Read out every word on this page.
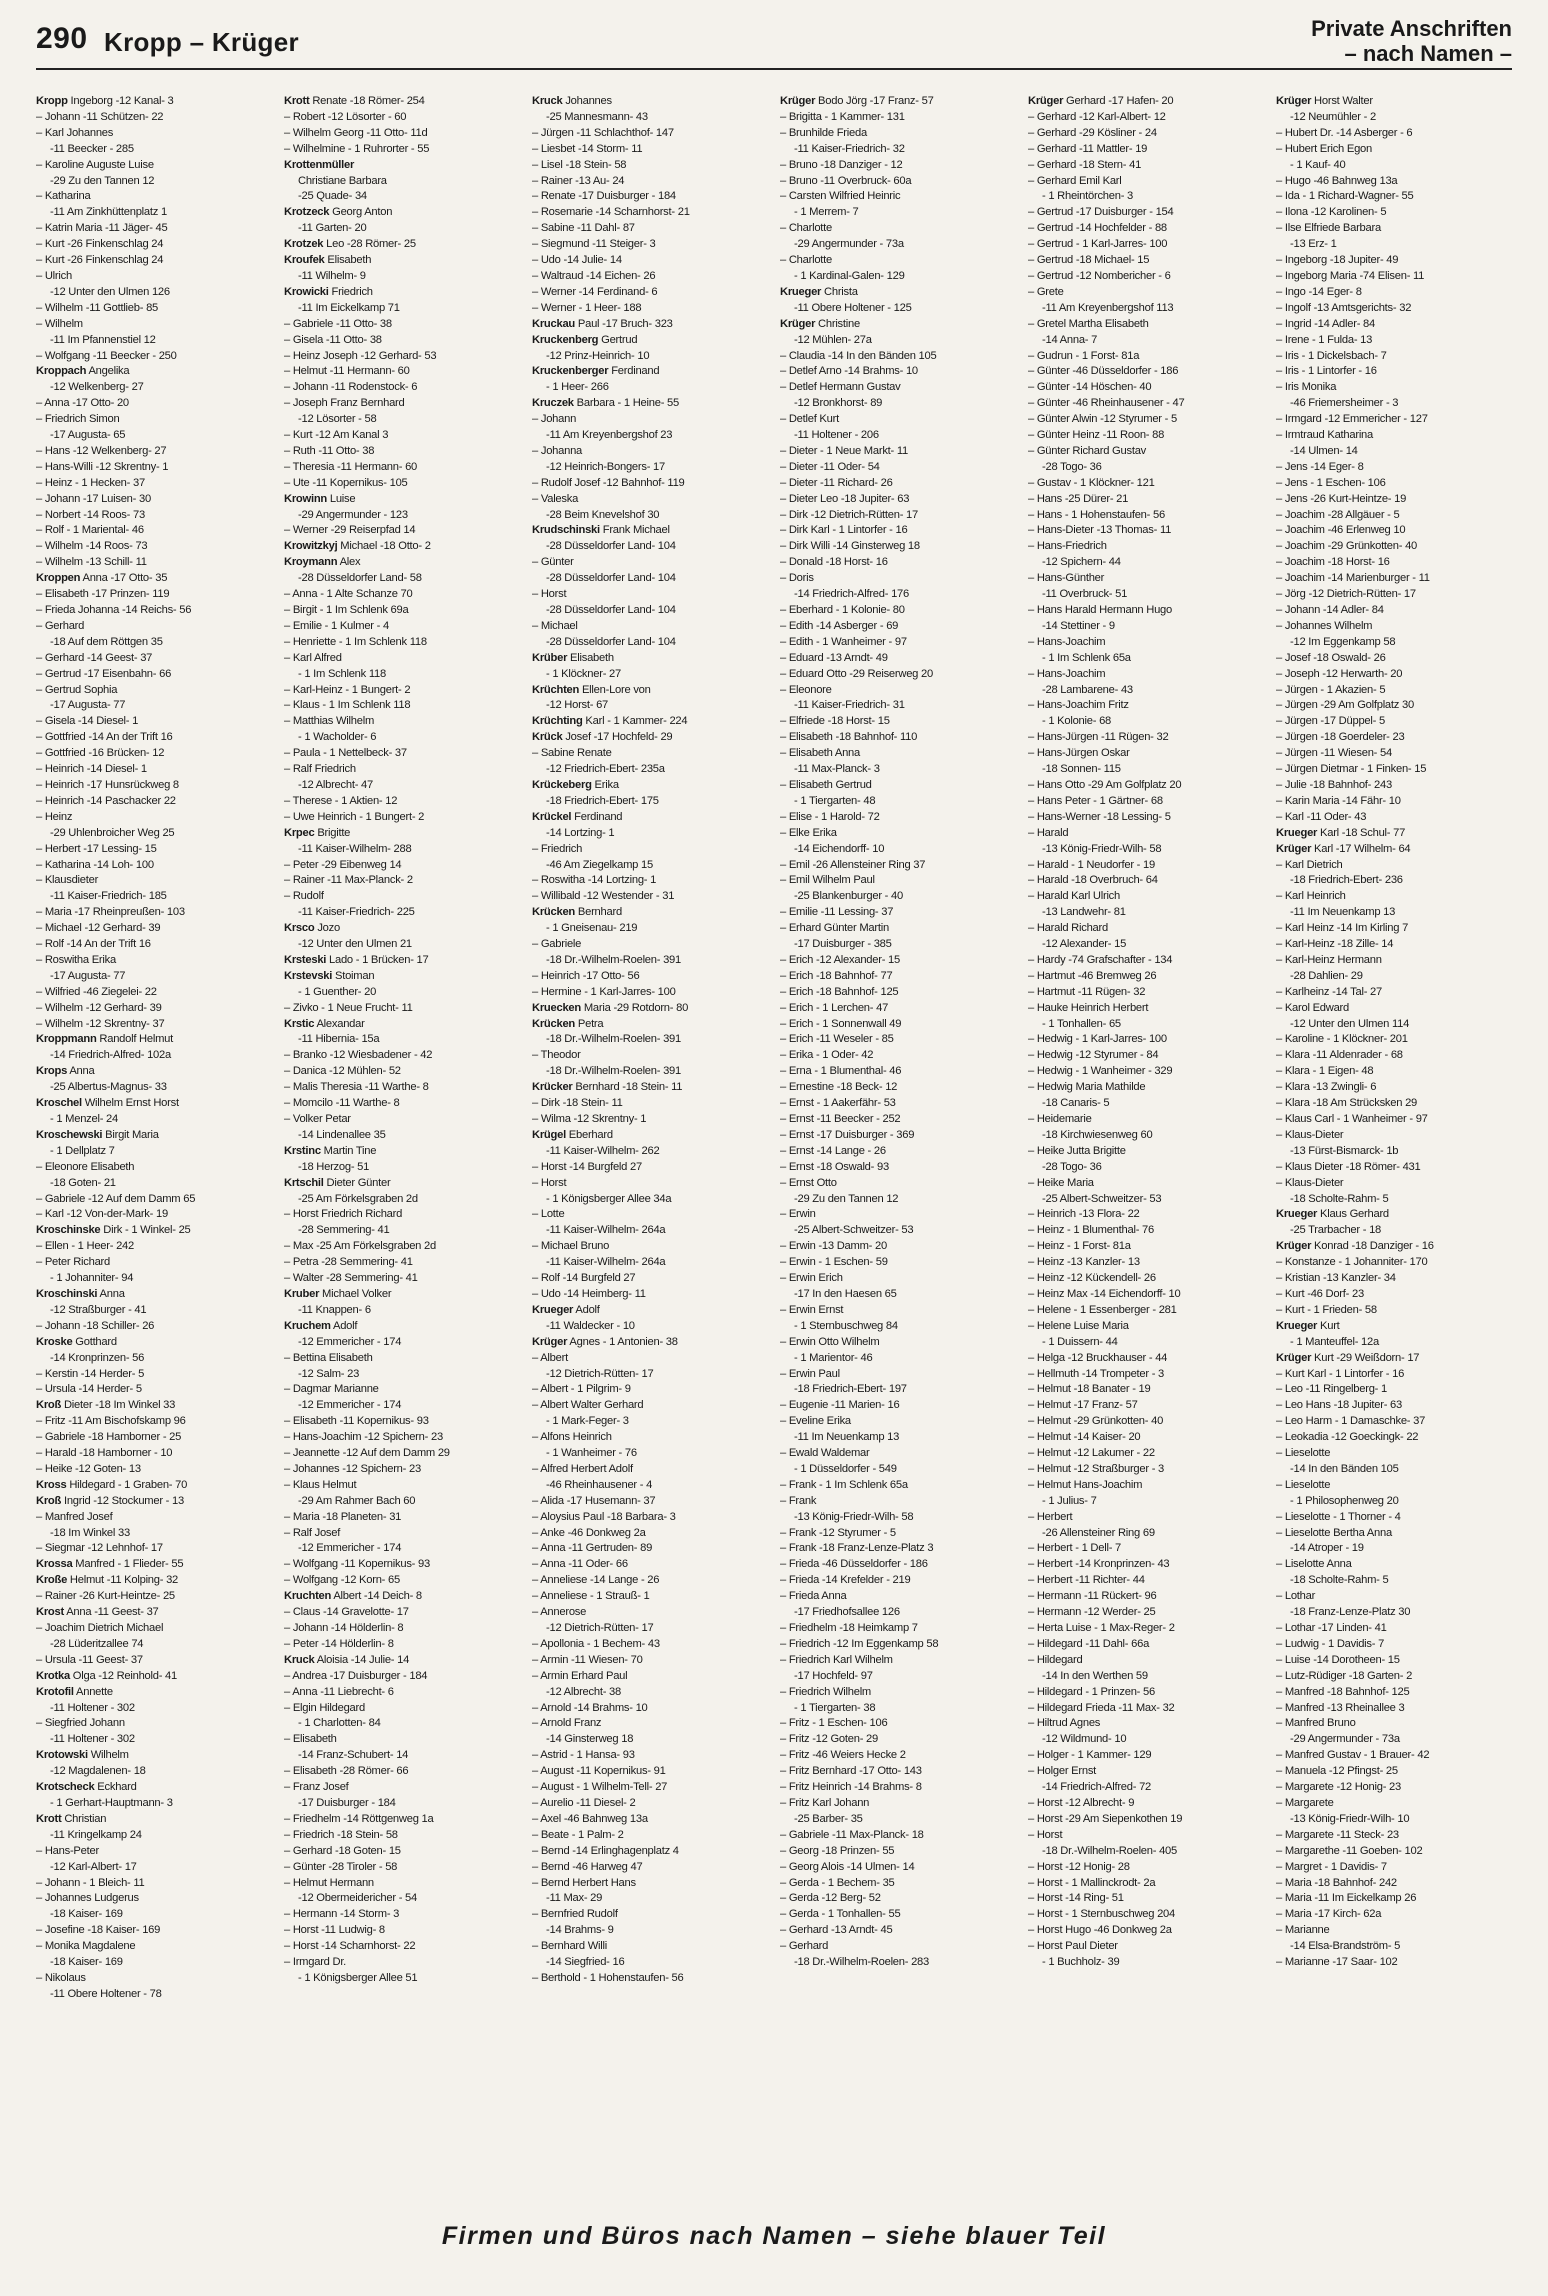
290 Kropp – Krüger	Private Anschriften
– nach Namen –
Kropp Ingeborg -12 Kanal- 3
– Johann -11 Schützen- 22
– Karl Johannes
-11 Beecker - 285
– Karoline Auguste Luise
-29 Zu den Tannen 12
– Katharina
-11 Am Zinkhüttenplatz 1
– Katrin Maria -11 Jäger- 45
– Kurt -26 Finkenschlag 24
– Kurt -26 Finkenschlag 24
– Ulrich
-12 Unter den Ulmen 126
– Wilhelm -11 Gottlieb- 85
– Wilhelm
-11 Im Pfannenstiel 12
– Wolfgang -11 Beecker - 250
Kroppach Angelika
-12 Welkenberg- 27
– Anna -17 Otto- 20
– Friedrich Simon
-17 Augusta- 65
– Hans -12 Welkenberg- 27
– Hans-Willi -12 Skrentny- 1
– Heinz - 1 Hecken- 37
– Johann -17 Luisen- 30
– Norbert -14 Roos- 73
– Rolf - 1 Mariental- 46
– Wilhelm -14 Roos- 73
– Wilhelm -13 Schill- 11
Kroppen Anna -17 Otto- 35
– Elisabeth -17 Prinzen- 119
– Frieda Johanna -14 Reichs- 56
– Gerhard
-18 Auf dem Röttgen 35
– Gerhard -14 Geest- 37
– Gertrud -17 Eisenbahn- 66
– Gertrud Sophia
-17 Augusta- 77
– Gisela -14 Diesel- 1
– Gottfried -14 An der Trift 16
– Gottfried -16 Brücken- 12
– Heinrich -14 Diesel- 1
– Heinrich -17 Hunsrückweg 8
– Heinrich -14 Paschacker 22
– Heinz
-29 Uhlenbroicher Weg 25
– Herbert -17 Lessing- 15
– Katharina -14 Loh- 100
– Klausdieter
-11 Kaiser-Friedrich- 185
– Maria -17 Rheinpreußen- 103
– Michael -12 Gerhard- 39
– Rolf -14 An der Trift 16
– Roswitha Erika
-17 Augusta- 77
– Wilfried -46 Ziegelei- 22
– Wilhelm -12 Gerhard- 39
– Wilhelm -12 Skrentny- 37
Kroppmann Randolf Helmut
-14 Friedrich-Alfred- 102a
Krops Anna
-25 Albertus-Magnus- 33
Kroschel Wilhelm Ernst Horst
- 1 Menzel- 24
Kroschewski Birgit Maria
- 1 Dellplatz 7
– Eleonore Elisabeth
-18 Goten- 21
– Gabriele -12 Auf dem Damm 65
– Karl -12 Von-der-Mark- 19
Kroschinske Dirk - 1 Winkel- 25
– Ellen - 1 Heer- 242
– Peter Richard
- 1 Johanniter- 94
Kroschinski Anna
-12 Straßburger - 41
– Johann -18 Schiller- 26
Kroske Gotthard
-14 Kronprinzen- 56
– Kerstin -14 Herder- 5
– Ursula -14 Herder- 5
Kroß Dieter -18 Im Winkel 33
– Fritz -11 Am Bischofskamp 96
– Gabriele -18 Hamborner - 25
– Harald -18 Hamborner - 10
– Heike -12 Goten- 13
Kross Hildegard - 1 Graben- 70
Kroß Ingrid -12 Stockumer - 13
– Manfred Josef
-18 Im Winkel 33
– Siegmar -12 Lehnhof- 17
Krossa Manfred - 1 Flieder- 55
Kroße Helmut -11 Kolping- 32
– Rainer -26 Kurt-Heintze- 25
Krost Anna -11 Geest- 37
– Joachim Dietrich Michael
-28 Lüderitzallee 74
– Ursula -11 Geest- 37
Krotka Olga -12 Reinhold- 41
Krotofil Annette
-11 Holtener - 302
– Siegfried Johann
-11 Holtener - 302
Krotowski Wilhelm
-12 Magdalenen- 18
Krotscheck Eckhard
- 1 Gerhart-Hauptmann- 3
Krott Christian
-11 Kringelkamp 24
– Hans-Peter
-12 Karl-Albert- 17
– Johann - 1 Bleich- 11
– Johannes Ludgerus
-18 Kaiser- 169
– Josefine -18 Kaiser- 169
– Monika Magdalene
-18 Kaiser- 169
– Nikolaus
-11 Obere Holtener - 78
Krott Renate -18 Römer- 254
– Robert -12 Lösorter - 60
– Wilhelm Georg -11 Otto- 11d
– Wilhelmine - 1 Ruhrorter - 55
Krottenmüller
Christiane Barbara
-25 Quade- 34
Krotzeck Georg Anton
-11 Garten- 20
Krotzek Leo -28 Römer- 25
Kroufek Elisabeth
-11 Wilhelm- 9
Krowicki Friedrich
-11 Im Eickelkamp 71
– Gabriele -11 Otto- 38
– Gisela -11 Otto- 38
– Heinz Joseph -12 Gerhard- 53
– Helmut -11 Hermann- 60
– Johann -11 Rodenstock- 6
– Joseph Franz Bernhard
-12 Lösorter - 58
– Kurt -12 Am Kanal 3
– Ruth -11 Otto- 38
– Theresia -11 Hermann- 60
– Ute -11 Kopernikus- 105
Krowinn Luise
-29 Angermunder - 123
– Werner -29 Reiserpfad 14
Krowitzkyj Michael -18 Otto- 2
Kroymann Alex
-28 Düsseldorfer Land- 58
– Anna - 1 Alte Schanze 70
– Birgit - 1 Im Schlenk 69a
– Emilie - 1 Kulmer - 4
– Henriette - 1 Im Schlenk 118
– Karl Alfred
- 1 Im Schlenk 118
– Karl-Heinz - 1 Bungert- 2
– Klaus - 1 Im Schlenk 118
– Matthias Wilhelm
- 1 Wacholder- 6
– Paula - 1 Nettelbeck- 37
– Ralf Friedrich
-12 Albrecht- 47
– Therese - 1 Aktien- 12
– Uwe Heinrich - 1 Bungert- 2
Krpec Brigitte
-11 Kaiser-Wilhelm- 288
– Peter -29 Eibenweg 14
– Rainer -11 Max-Planck- 2
– Rudolf
-11 Kaiser-Friedrich- 225
Krsco Jozo
-12 Unter den Ulmen 21
Krsteski Lado - 1 Brücken- 17
Krstevski Stoiman
- 1 Guenther- 20
– Zivko - 1 Neue Frucht- 11
Krstic Alexandar
-11 Hibernia- 15a
– Branko -12 Wiesbadener - 42
– Danica -12 Mühlen- 52
– Malis Theresia -11 Warthe- 8
– Momcilo -11 Warthe- 8
– Volker Petar
-14 Lindenallee 35
Krstinc Martin Tine
-18 Herzog- 51
Krtschil Dieter Günter
-25 Am Förkelsgraben 2d
– Horst Friedrich Richard
-28 Semmering- 41
– Max -25 Am Förkelsgraben 2d
– Petra -28 Semmering- 41
– Walter -28 Semmering- 41
Kruber Michael Volker
-11 Knappen- 6
Kruchem Adolf
-12 Emmericher - 174
– Bettina Elisabeth
-12 Salm- 23
– Dagmar Marianne
-12 Emmericher - 174
– Elisabeth -11 Kopernikus- 93
– Hans-Joachim -12 Spichern- 23
– Jeannette -12 Auf dem Damm 29
– Johannes -12 Spichern- 23
– Klaus Helmut
-29 Am Rahmer Bach 60
– Maria -18 Planeten- 31
– Ralf Josef
-12 Emmericher - 174
– Wolfgang -11 Kopernikus- 93
– Wolfgang -12 Korn- 65
Kruchten Albert -14 Deich- 8
– Claus -14 Gravelotte- 17
– Johann -14 Hölderlin- 8
– Peter -14 Hölderlin- 8
Kruck Aloisia -14 Julie- 14
– Andrea -17 Duisburger - 184
– Anna -11 Liebrecht- 6
– Elgin Hildegard
- 1 Charlotten- 84
– Elisabeth
-14 Franz-Schubert- 14
– Elisabeth -28 Römer- 66
– Franz Josef
-17 Duisburger - 184
– Friedhelm -14 Röttgenweg 1a
– Friedrich -18 Stein- 58
– Gerhard -18 Goten- 15
– Günter -28 Tiroler - 58
– Helmut Hermann
-12 Obermeidericher - 54
– Hermann -14 Storm- 3
– Horst -11 Ludwig- 8
– Horst -14 Scharnhorst- 22
– Irmgard Dr.
- 1 Königsberger Allee 51
Kruck Johannes
-25 Mannesmann- 43
– Jürgen -11 Schlachthof- 147
– Liesbet -14 Storm- 11
– Lisel -18 Stein- 58
– Rainer -13 Au- 24
– Renate -17 Duisburger - 184
– Rosemarie -14 Scharnhorst- 21
– Sabine -11 Dahl- 87
– Siegmund -11 Steiger- 3
– Udo -14 Julie- 14
– Waltraud -14 Eichen- 26
– Werner -14 Ferdinand- 6
– Werner - 1 Heer- 188
Kruckau Paul -17 Bruch- 323
Kruckenberg Gertrud
-12 Prinz-Heinrich- 10
Kruckenberger Ferdinand
- 1 Heer- 266
Kruczek Barbara - 1 Heine- 55
– Johann
-11 Am Kreyenbergshof 23
– Johanna
-12 Heinrich-Bongers- 17
– Rudolf Josef -12 Bahnhof- 119
– Valeska
-28 Beim Knevelshof 30
Krudschinski Frank Michael
-28 Düsseldorfer Land- 104
– Günter
-28 Düsseldorfer Land- 104
– Horst
-28 Düsseldorfer Land- 104
– Michael
-28 Düsseldorfer Land- 104
Krüber Elisabeth
- 1 Klöckner- 27
Krüchten Ellen-Lore von
-12 Horst- 67
Krüchting Karl - 1 Kammer- 224
Krück Josef -17 Hochfeld- 29
– Sabine Renate
-12 Friedrich-Ebert- 235a
Krückeberg Erika
-18 Friedrich-Ebert- 175
Krückel Ferdinand
-14 Lortzing- 1
– Friedrich
-46 Am Ziegelkamp 15
– Roswitha -14 Lortzing- 1
– Willibald -12 Westender - 31
Krücken Bernhard
- 1 Gneisenau- 219
– Gabriele
-18 Dr.-Wilhelm-Roelen- 391
– Heinrich -17 Otto- 56
– Hermine - 1 Karl-Jarres- 100
Kruecken Maria -29 Rotdorn- 80
Krücken Petra
-18 Dr.-Wilhelm-Roelen- 391
– Theodor
-18 Dr.-Wilhelm-Roelen- 391
Krücker Bernhard -18 Stein- 11
– Dirk -18 Stein- 11
– Wilma -12 Skrentny- 1
Krügel Eberhard
-11 Kaiser-Wilhelm- 262
– Horst -14 Burgfeld 27
– Horst
- 1 Königsberger Allee 34a
– Lotte
-11 Kaiser-Wilhelm- 264a
– Michael Bruno
-11 Kaiser-Wilhelm- 264a
– Rolf -14 Burgfeld 27
– Udo -14 Heimberg- 11
Krueger Adolf
-11 Waldecker - 10
Krüger Agnes - 1 Antonien- 38
– Albert
-12 Dietrich-Rütten- 17
– Albert - 1 Pilgrim- 9
– Albert Walter Gerhard
- 1 Mark-Feger- 3
– Alfons Heinrich
- 1 Wanheimer - 76
– Alfred Herbert Adolf
-46 Rheinhausener - 4
– Alida -17 Husemann- 37
– Aloysius Paul -18 Barbara- 3
– Anke -46 Donkweg 2a
– Anna -11 Gertruden- 89
– Anna -11 Oder- 66
– Anneliese -14 Lange - 26
– Anneliese - 1 Strauß- 1
– Annerose
-12 Dietrich-Rütten- 17
– Apollonia - 1 Bechem- 43
– Armin -11 Wiesen- 70
– Armin Erhard Paul
-12 Albrecht- 38
– Arnold -14 Brahms- 10
– Arnold Franz
-14 Ginsterweg 18
– Astrid - 1 Hansa- 93
– August -11 Kopernikus- 91
– August - 1 Wilhelm-Tell- 27
– Aurelio -11 Diesel- 2
– Axel -46 Bahnweg 13a
– Beate - 1 Palm- 2
– Bernd -14 Erlinghagenplatz 4
– Bernd -46 Harweg 47
– Bernd Herbert Hans
-11 Max- 29
– Bernfried Rudolf
-14 Brahms- 9
– Bernhard Willi
-14 Siegfried- 16
– Berthold - 1 Hohenstaufen- 56
Krüger Bodo Jörg -17 Franz- 57
– Brigitta - 1 Kammer- 131
– Brunhilde Frieda
-11 Kaiser-Friedrich- 32
– Bruno -18 Danziger - 12
– Bruno -11 Overbruck- 60a
– Carsten Wilfried Heinric
- 1 Merrem- 7
– Charlotte
-29 Angermunder - 73a
– Charlotte
- 1 Kardinal-Galen- 129
Krueger Christa
-11 Obere Holtener - 125
Krüger Christine
-12 Mühlen- 27a
– Claudia -14 In den Bänden 105
– Detlef Arno -14 Brahms- 10
– Detlef Hermann Gustav
-12 Bronkhorst- 89
– Detlef Kurt
-11 Holtener - 206
– Dieter - 1 Neue Markt- 11
– Dieter -11 Oder- 54
– Dieter -11 Richard- 26
– Dieter Leo -18 Jupiter- 63
– Dirk -12 Dietrich-Rütten- 17
– Dirk Karl - 1 Lintorfer - 16
– Dirk Willi -14 Ginsterweg 18
– Donald -18 Horst- 16
– Doris
-14 Friedrich-Alfred- 176
– Eberhard - 1 Kolonie- 80
– Edith -14 Asberger - 69
– Edith - 1 Wanheimer - 97
– Eduard -13 Arndt- 49
– Eduard Otto -29 Reiserweg 20
– Eleonore
-11 Kaiser-Friedrich- 31
– Elfriede -18 Horst- 15
– Elisabeth -18 Bahnhof- 110
– Elisabeth Anna
-11 Max-Planck- 3
– Elisabeth Gertrud
- 1 Tiergarten- 48
– Elise - 1 Harold- 72
– Elke Erika
-14 Eichendorff- 10
– Emil -26 Allensteiner Ring 37
– Emil Wilhelm Paul
-25 Blankenburger - 40
– Emilie -11 Lessing- 37
– Erhard Günter Martin
-17 Duisburger - 385
– Erich -12 Alexander- 15
– Erich -18 Bahnhof- 77
– Erich -18 Bahnhof- 125
– Erich - 1 Lerchen- 47
– Erich - 1 Sonnenwall 49
– Erich -11 Weseler - 85
– Erika - 1 Oder- 42
– Erna - 1 Blumenthal- 46
– Ernestine -18 Beck- 12
– Ernst - 1 Aakerfähr- 53
– Ernst -11 Beecker - 252
– Ernst -17 Duisburger - 369
– Ernst -14 Lange - 26
– Ernst -18 Oswald- 93
– Ernst Otto
-29 Zu den Tannen 12
– Erwin
-25 Albert-Schweitzer- 53
– Erwin -13 Damm- 20
– Erwin - 1 Eschen- 59
– Erwin Erich
-17 In den Haesen 65
– Erwin Ernst
- 1 Sternbuschweg 84
– Erwin Otto Wilhelm
- 1 Marientor- 46
– Erwin Paul
-18 Friedrich-Ebert- 197
– Eugenie -11 Marien- 16
– Eveline Erika
-11 Im Neuenkamp 13
– Ewald Waldemar
- 1 Düsseldorfer - 549
– Frank - 1 Im Schlenk 65a
– Frank
-13 König-Friedr-Wilh- 58
– Frank -12 Styrumer - 5
– Frank -18 Franz-Lenze-Platz 3
– Frieda -46 Düsseldorfer - 186
– Frieda -14 Krefelder - 219
– Frieda Anna
-17 Friedhofsallee 126
– Friedhelm -18 Heimkamp 7
– Friedrich -12 Im Eggenkamp 58
– Friedrich Karl Wilhelm
-17 Hochfeld- 97
– Friedrich Wilhelm
- 1 Tiergarten- 38
– Fritz - 1 Eschen- 106
– Fritz -12 Goten- 29
– Fritz -46 Weiers Hecke 2
– Fritz Bernhard -17 Otto- 143
– Fritz Heinrich -14 Brahms- 8
– Fritz Karl Johann
-25 Barber- 35
– Gabriele -11 Max-Planck- 18
– Georg -18 Prinzen- 55
– Georg Alois -14 Ulmen- 14
– Gerda - 1 Bechem- 35
– Gerda -12 Berg- 52
– Gerda - 1 Tonhallen- 55
– Gerhard -13 Arndt- 45
– Gerhard
-18 Dr.-Wilhelm-Roelen- 283
Krüger Gerhard -17 Hafen- 20
– Gerhard -12 Karl-Albert- 12
– Gerhard -29 Kösliner - 24
– Gerhard -11 Mattler- 19
– Gerhard -18 Stern- 41
– Gerhard Emil Karl
- 1 Rheintörchen- 3
– Gertrud -17 Duisburger - 154
– Gertrud -14 Hochfelder - 88
– Gertrud - 1 Karl-Jarres- 100
– Gertrud -18 Michael- 15
– Gertrud -12 Nombericher - 6
– Grete
-11 Am Kreyenbergshof 113
– Gretel Martha Elisabeth
-14 Anna- 7
– Gudrun - 1 Forst- 81a
– Günter -46 Düsseldorfer - 186
– Günter -14 Höschen- 40
– Günter -46 Rheinhausener - 47
– Günter Alwin -12 Styrumer - 5
– Günter Heinz -11 Roon- 88
– Günter Richard Gustav
-28 Togo- 36
– Gustav - 1 Klöckner- 121
– Hans -25 Dürer- 21
– Hans - 1 Hohenstaufen- 56
– Hans-Dieter -13 Thomas- 11
– Hans-Friedrich
-12 Spichern- 44
– Hans-Günther
-11 Overbruck- 51
– Hans Harald Hermann Hugo
-14 Stettiner - 9
– Hans-Joachim
- 1 Im Schlenk 65a
– Hans-Joachim
-28 Lambarene- 43
– Hans-Joachim Fritz
- 1 Kolonie- 68
– Hans-Jürgen -11 Rügen- 32
– Hans-Jürgen Oskar
-18 Sonnen- 115
– Hans Otto -29 Am Golfplatz 20
– Hans Peter - 1 Gärtner- 68
– Hans-Werner -18 Lessing- 5
– Harald
-13 König-Friedr-Wilh- 58
– Harald - 1 Neudorfer - 19
– Harald -18 Overbruch- 64
– Harald Karl Ulrich
-13 Landwehr- 81
– Harald Richard
-12 Alexander- 15
– Hardy -74 Grafschafter - 134
– Hartmut -46 Bremweg 26
– Hartmut -11 Rügen- 32
– Hauke Heinrich Herbert
- 1 Tonhallen- 65
– Hedwig - 1 Karl-Jarres- 100
– Hedwig -12 Styrumer - 84
– Hedwig - 1 Wanheimer - 329
– Hedwig Maria Mathilde
-18 Canaris- 5
– Heidemarie
-18 Kirchwiesenweg 60
– Heike Jutta Brigitte
-28 Togo- 36
– Heike Maria
-25 Albert-Schweitzer- 53
– Heinrich -13 Flora- 22
– Heinz - 1 Blumenthal- 76
– Heinz - 1 Forst- 81a
– Heinz -13 Kanzler- 13
– Heinz -12 Kückendell- 26
– Heinz Max -14 Eichendorff- 10
– Helene - 1 Essenberger - 281
– Helene Luise Maria
- 1 Duissern- 44
– Helga -12 Bruckhauser - 44
– Hellmuth -14 Trompeter - 3
– Helmut -18 Banater - 19
– Helmut -17 Franz- 57
– Helmut -29 Grünkotten- 40
– Helmut -14 Kaiser- 20
– Helmut -12 Lakumer - 22
– Helmut -12 Straßburger - 3
– Helmut Hans-Joachim
- 1 Julius- 7
– Herbert
-26 Allensteiner Ring 69
– Herbert - 1 Dell- 7
– Herbert -14 Kronprinzen- 43
– Herbert -11 Richter- 44
– Hermann -11 Rückert- 96
– Hermann -12 Werder- 25
– Herta Luise - 1 Max-Reger- 2
– Hildegard -11 Dahl- 66a
– Hildegard
-14 In den Werthen 59
– Hildegard - 1 Prinzen- 56
– Hildegard Frieda -11 Max- 32
– Hiltrud Agnes
-12 Wildmund- 10
– Holger - 1 Kammer- 129
– Holger Ernst
-14 Friedrich-Alfred- 72
– Horst -12 Albrecht- 9
– Horst -29 Am Siepenkothen 19
– Horst
-18 Dr.-Wilhelm-Roelen- 405
– Horst -12 Honig- 28
– Horst - 1 Mallinckrodt- 2a
– Horst -14 Ring- 51
– Horst - 1 Sternbuschweg 204
– Horst Hugo -46 Donkweg 2a
– Horst Paul Dieter
- 1 Buchholz- 39
Krüger Horst Walter
-12 Neumühler - 2
– Hubert Dr. -14 Asberger - 6
– Hubert Erich Egon
- 1 Kauf- 40
– Hugo -46 Bahnweg 13a
– Ida - 1 Richard-Wagner- 55
– Ilona -12 Karolinen- 5
– Ilse Elfriede Barbara
-13 Erz- 1
– Ingeborg -18 Jupiter- 49
– Ingeborg Maria -74 Elisen- 11
– Ingo -14 Eger- 8
– Ingolf -13 Amtsgerichts- 32
– Ingrid -14 Adler- 84
– Irene - 1 Fulda- 13
– Iris - 1 Dickelsbach- 7
– Iris - 1 Lintorfer - 16
– Iris Monika
-46 Friemersheimer - 3
– Irmgard -12 Emmericher - 127
– Irmtraud Katharina
-14 Ulmen- 14
– Jens -14 Eger- 8
– Jens - 1 Eschen- 106
– Jens -26 Kurt-Heintze- 19
– Joachim -28 Allgäuer - 5
– Joachim -46 Erlenweg 10
– Joachim -29 Grünkotten- 40
– Joachim -18 Horst- 16
– Joachim -14 Marienburger - 11
– Jörg -12 Dietrich-Rütten- 17
– Johann -14 Adler- 84
– Johannes Wilhelm
-12 Im Eggenkamp 58
– Josef -18 Oswald- 26
– Joseph -12 Herwarth- 20
– Jürgen - 1 Akazien- 5
– Jürgen -29 Am Golfplatz 30
– Jürgen -17 Düppel- 5
– Jürgen -18 Goerdeler- 23
– Jürgen -11 Wiesen- 54
– Jürgen Dietmar - 1 Finken- 15
– Julie -18 Bahnhof- 243
– Karin Maria -14 Fähr- 10
– Karl -11 Oder- 43
Krueger Karl -18 Schul- 77
Krüger Karl -17 Wilhelm- 64
– Karl Dietrich
-18 Friedrich-Ebert- 236
– Karl Heinrich
-11 Im Neuenkamp 13
– Karl Heinz -14 Im Kirling 7
– Karl-Heinz -18 Zille- 14
– Karl-Heinz Hermann
-28 Dahlien- 29
– Karlheinz -14 Tal- 27
– Karol Edward
-12 Unter den Ulmen 114
– Karoline - 1 Klöckner- 201
– Klara -11 Aldenrader - 68
– Klara - 1 Eigen- 48
– Klara -13 Zwingli- 6
– Klara -18 Am Strücksken 29
– Klaus Carl - 1 Wanheimer - 97
– Klaus-Dieter
-13 Fürst-Bismarck- 1b
– Klaus Dieter -18 Römer- 431
– Klaus-Dieter
-18 Scholte-Rahm- 5
Krueger Klaus Gerhard
-25 Trarbacher - 18
Krüger Konrad -18 Danziger - 16
– Konstanze - 1 Johanniter- 170
– Kristian -13 Kanzler- 34
– Kurt -46 Dorf- 23
– Kurt - 1 Frieden- 58
Krueger Kurt
- 1 Manteuffel- 12a
Krüger Kurt -29 Weißdorn- 17
– Kurt Karl - 1 Lintorfer - 16
– Leo -11 Ringelberg- 1
– Leo Hans -18 Jupiter- 63
– Leo Harm - 1 Damaschke- 37
– Leokadia -12 Goeckingk- 22
– Lieselotte
-14 In den Bänden 105
– Lieselotte
- 1 Philosophenweg 20
– Lieselotte - 1 Thorner - 4
– Lieselotte Bertha Anna
-14 Atroper - 19
– Liselotte Anna
-18 Scholte-Rahm- 5
– Lothar
-18 Franz-Lenze-Platz 30
– Lothar -17 Linden- 41
– Ludwig - 1 Davidis- 7
– Luise -14 Dorotheen- 15
– Lutz-Rüdiger -18 Garten- 2
– Manfred -18 Bahnhof- 125
– Manfred -13 Rheinallee 3
– Manfred Bruno
-29 Angermunder - 73a
– Manfred Gustav - 1 Brauer- 42
– Manuela -12 Pfingst- 25
– Margarete -12 Honig- 23
– Margarete
-13 König-Friedr-Wilh- 10
– Margarete -11 Steck- 23
– Margarethe -11 Goeben- 102
– Margret - 1 Davidis- 7
– Maria -18 Bahnhof- 242
– Maria -11 Im Eickelkamp 26
– Maria -17 Kirch- 62a
– Marianne
-14 Elsa-Brandström- 5
– Marianne -17 Saar- 102
Firmen und Büros nach Namen – siehe blauer Teil
